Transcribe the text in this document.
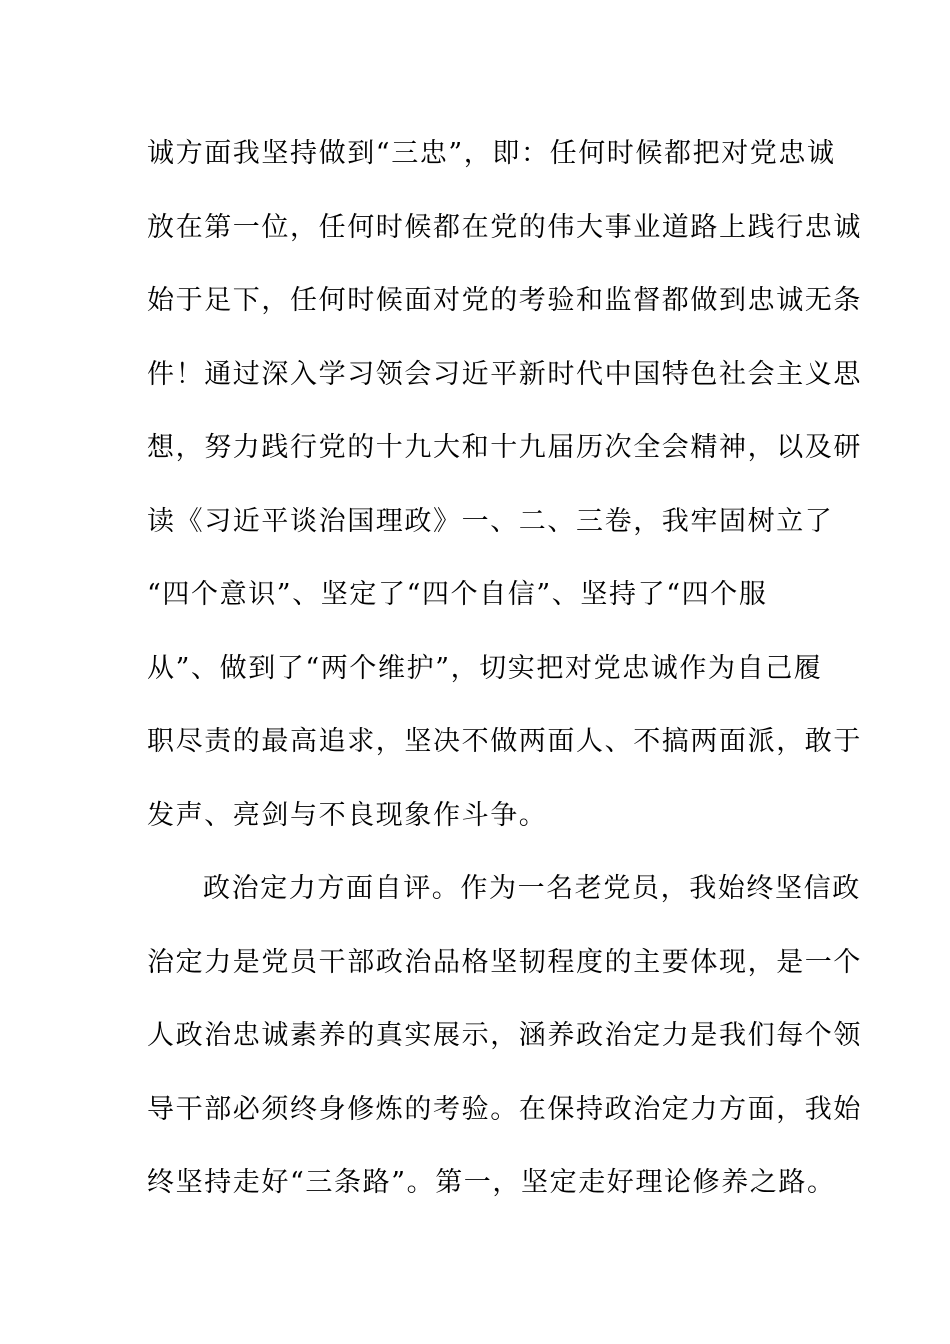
诚方面我坚持做到“三忠”，即：任何时候都把对党忠诚
放在第一位，任何时候都在党的伟大事业道路上践行忠诚
始于足下，任何时候面对党的考验和监督都做到忠诚无条
件！通过深入学习领会习近平新时代中国特色社会主义思
想，努力践行党的十九大和十九届历次全会精神，以及研
读《习近平谈治国理政》一、二、三卷，我牢固树立了
“四个意识”、坚定了“四个自信”、坚持了“四个服
从”、做到了“两个维护”，切实把对党忠诚作为自己履
职尽责的最高追求，坚决不做两面人、不搞两面派，敢于
发声、亮剑与不良现象作斗争。
政治定力方面自评。作为一名老党员，我始终坚信政
治定力是党员干部政治品格坚韧程度的主要体现，是一个
人政治忠诚素养的真实展示，涵养政治定力是我们每个领
导干部必须终身修炼的考验。在保持政治定力方面，我始
终坚持走好“三条路”。第一，坚定走好理论修养之路。
